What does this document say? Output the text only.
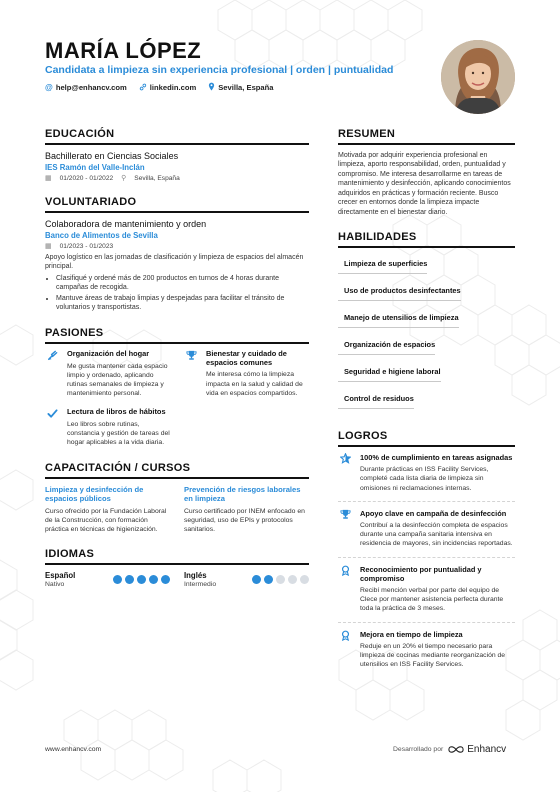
MARÍA LÓPEZ
Candidata a limpieza sin experiencia profesional | orden | puntualidad
@ help@enhancv.com	linkedin.com	Sevilla, España
EDUCACIÓN
Bachillerato en Ciencias Sociales
IES Ramón del Valle-Inclán
▦ 01/2020 - 01/2022 ⚲ Sevilla, España
VOLUNTARIADO
Colaboradora de mantenimiento y orden
Banco de Alimentos de Sevilla
▦ 01/2023 - 01/2023

Apoyo logístico en las jornadas de clasificación y limpieza de espacios del almacén principal.

• Clasifiqué y ordené más de 200 productos en turnos de 4 horas durante campañas de recogida.
• Mantuve áreas de trabajo limpias y despejadas para facilitar el tránsito de voluntarios y transportistas.
PASIONES
Organización del hogar
Me gusta mantener cada espacio limpio y ordenado, aplicando rutinas semanales de limpieza y mantenimiento personal.
Bienestar y cuidado de espacios comunes
Me interesa cómo la limpieza impacta en la salud y calidad de vida en espacios compartidos.
Lectura de libros de hábitos
Leo libros sobre rutinas, constancia y gestión de tareas del hogar aplicables a la vida diaria.
CAPACITACIÓN / CURSOS
Limpieza y desinfección de espacios públicos
Curso ofrecido por la Fundación Laboral de la Construcción, con formación práctica en técnicas de higienización.
Prevención de riesgos laborales en limpieza
Curso certificado por INEM enfocado en seguridad, uso de EPIs y protocolos sanitarios.
IDIOMAS
Español
Nativo
Inglés
Intermedio
RESUMEN

Motivada por adquirir experiencia profesional en limpieza, aporto responsabilidad, orden, puntualidad y compromiso. Me interesa desarrollarme en tareas de mantenimiento y desinfección, aplicando conocimientos adquiridos en prácticas y formación reciente. Busco crecer en entornos donde la limpieza impacte directamente en el bienestar diario.

HABILIDADES
Limpieza de superficies
Uso de productos desinfectantes
Manejo de utensilios de limpieza
Organización de espacios
Seguridad e higiene laboral
Control de residuos
LOGROS
100% de cumplimiento en tareas asignadas
Durante prácticas en ISS Facility Services, completé cada lista diaria de limpieza sin omisiones ni reclamaciones internas.
Apoyo clave en campaña de desinfección
Contribuí a la desinfección completa de espacios durante una campaña sanitaria intensiva en residencia de mayores, sin incidencias reportadas.
Reconocimiento por puntualidad y compromiso
Recibí mención verbal por parte del equipo de Clece por mantener asistencia perfecta durante toda la práctica de 3 meses.
Mejora en tiempo de limpieza
Reduje en un 20% el tiempo necesario para limpieza de cocinas mediante reorganización de utensilios en ISS Facility Services.
www.enhancv.com	Desarrollado por Enhancv
